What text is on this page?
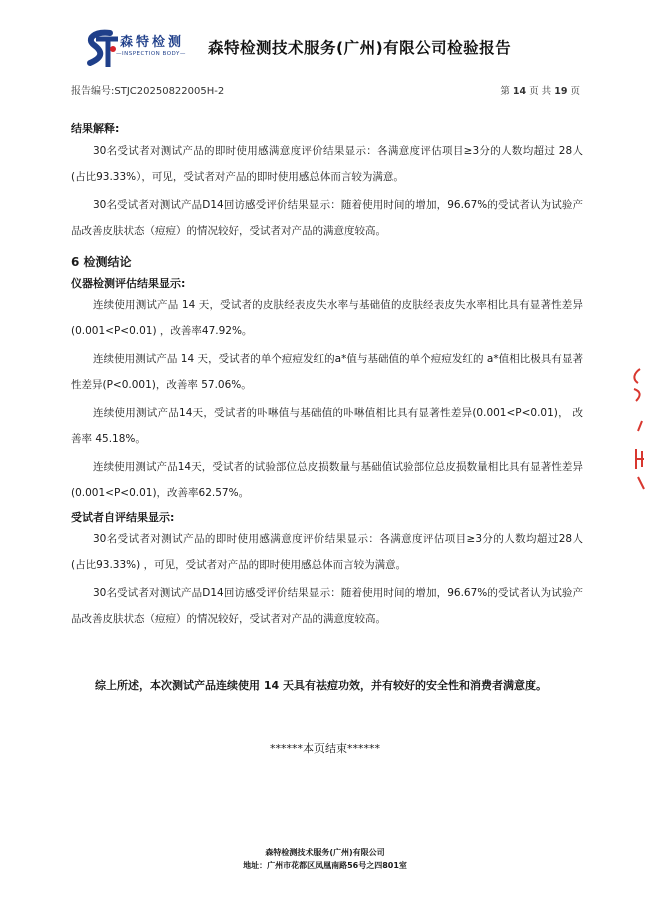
森特检测
—INSPECTION BODY— 森特检测技术服务(广州)有限公司检验报告
报告编号:STJC20250822005H-2	第 14 页 共 19 页

结果解释:

30名受试者对测试产品的即时使用感满意度评价结果显示：各满意度评估项目≥3分的人数均超过 28人 (占比93.33%），可见，受试者对产品的即时使用感总体而言较为满意。

30名受试者对测试产品D14回访感受评价结果显示：随着使用时间的增加，96.67%的受试者认为试验产品改善皮肤状态（痘痘）的情况较好，受试者对产品的满意度较高。

6 检测结论

仪器检测评估结果显示:

连续使用测试产品 14 天，受试者的皮肤经表皮失水率与基础值的皮肤经表皮失水率相比具有显著性差异(0.001<P<0.01) ，改善率47.92%。

连续使用测试产品 14 天，受试者的单个痘痘发红的a*值与基础值的单个痘痘发红的 a*值相比极具有显著性差异(P<0.001)，改善率 57.06%。

连续使用测试产品14天，受试者的卟啉值与基础值的卟啉值相比具有显著性差异(0.001<P<0.01)， 改善率 45.18%。

连续使用测试产品14天，受试者的试验部位总皮损数量与基础值试验部位总皮损数量相比具有显著性差异(0.001<P<0.01)，改善率62.57%。

受试者自评结果显示:

30名受试者对测试产品的即时使用感满意度评价结果显示：各满意度评估项目≥3分的人数均超过28人 (占比93.33%) ，可见，受试者对产品的即时使用感总体而言较为满意。

30名受试者对测试产品D14回访感受评价结果显示：随着使用时间的增加，96.67%的受试者认为试验产品改善皮肤状态（痘痘）的情况较好，受试者对产品的满意度较高。

综上所述，本次测试产品连续使用 14 天具有祛痘功效，并有较好的安全性和消费者满意度。
******本页结束******
森特检测技术服务(广州)有限公司
地址：广州市花都区凤凰南路56号之四801室
